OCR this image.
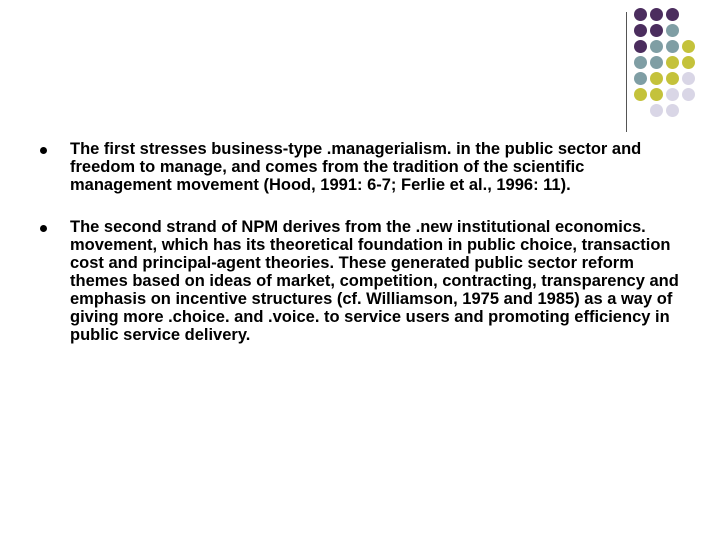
The first stresses business-type .managerialism. in the public sector and freedom to manage, and comes from the tradition of the scientific management movement (Hood, 1991: 6-7; Ferlie et al., 1996: 11).
The second strand of NPM derives from the .new institutional economics. movement, which has its theoretical foundation in public choice, transaction cost and principal-agent theories. These generated public sector reform themes based on ideas of market, competition, contracting, transparency and emphasis on incentive structures (cf. Williamson, 1975 and 1985) as a way of giving more .choice. and .voice. to service users and promoting efficiency in public service delivery.
